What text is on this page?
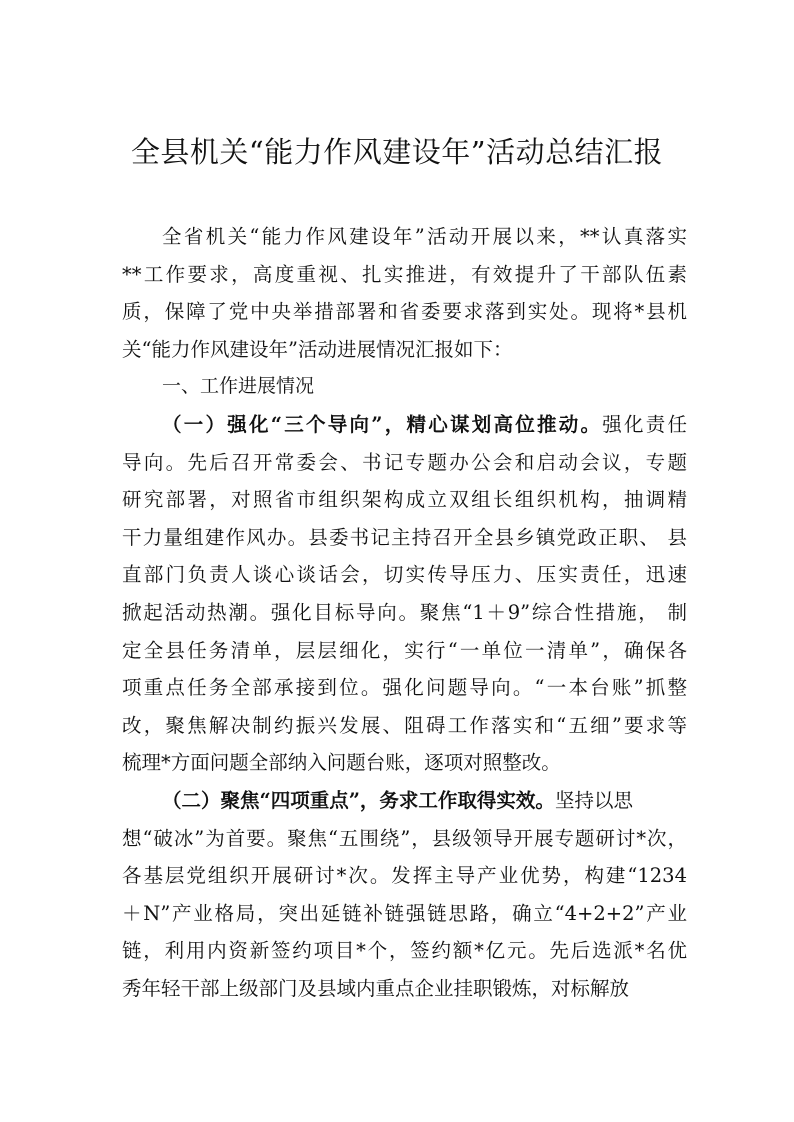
全县机关“能力作风建设年”活动总结汇报
全省机关“能力作风建设年”活动开展以来，**认真落实
**工作要求，高度重视、扎实推进，有效提升了干部队伍素
质，保障了党中央举措部署和省委要求落到实处。现将*县机
关“能力作风建设年”活动进展情况汇报如下：
一、工作进展情况
（一）强化“三个导向”，精心谋划高位推动。强化责任
导向。先后召开常委会、书记专题办公会和启动会议，专题
研究部署，对照省市组织架构成立双组长组织机构，抽调精
干力量组建作风办。县委书记主持召开全县乡镇党政正职、 县
直部门负责人谈心谈话会，切实传导压力、压实责任，迅速
掀起活动热潮。强化目标导向。聚焦“1＋9”综合性措施， 制
定全县任务清单，层层细化，实行“一单位一清单”，确保各
项重点任务全部承接到位。强化问题导向。“一本台账”抓整
改，聚焦解决制约振兴发展、阻碍工作落实和“五细”要求等
梳理*方面问题全部纳入问题台账，逐项对照整改。
（二）聚焦“四项重点”，务求工作取得实效。坚持以思
想“破冰”为首要。聚焦“五围绕”，县级领导开展专题研讨*次，
各基层党组织开展研讨*次。发挥主导产业优势，构建“1234
＋N”产业格局，突出延链补链强链思路，确立“4+2+2”产业
链，利用内资新签约项目*个，签约额*亿元。先后选派*名优
秀年轻干部上级部门及县域内重点企业挂职锻炼，对标解放
